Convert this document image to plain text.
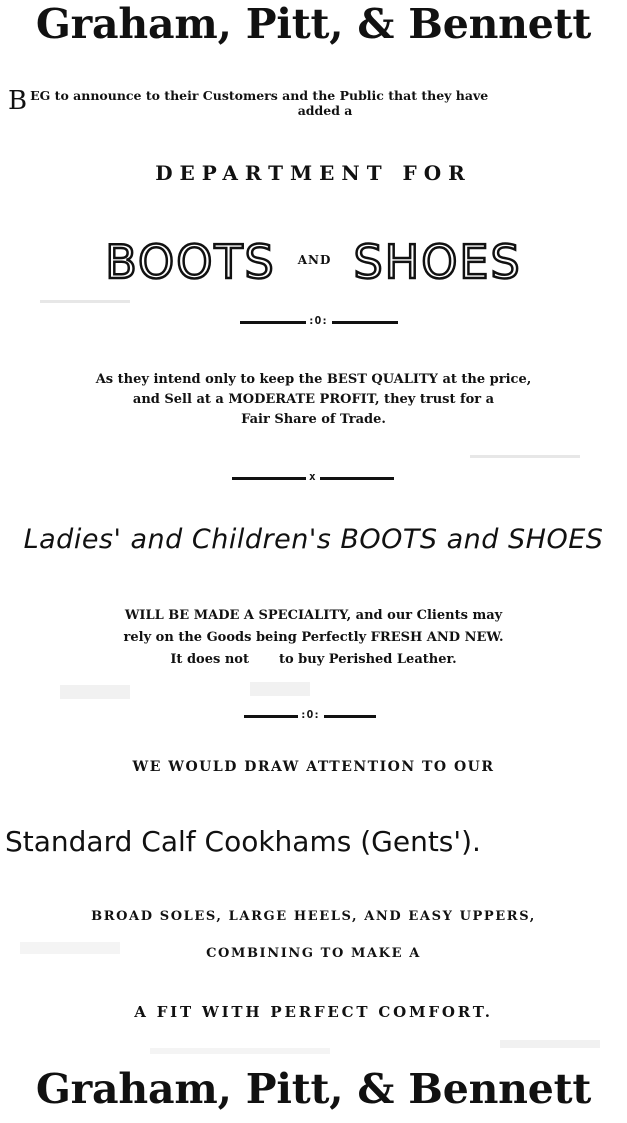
Graham, Pitt, & Bennett
B EG to announce to their Customers and the Public that they have
added a
DEPARTMENT FOR
BOOTS $^{AND}$ SHOES
:O:
As they intend only to keep the BEST QUALITY at the price,
and Sell at a MODERATE PROFIT, they trust for a
Fair Share of Trade.
x
Ladies' and Children's BOOTS and SHOES
WILL BE MADE A SPECIALITY, and our Clients may
rely on the Goods being Perfectly FRESH AND NEW.
It does not to buy Perished Leather.
:O:
WE WOULD DRAW ATTENTION TO OUR
Standard Calf Cookhams (Gents').
BROAD SOLES, LARGE HEELS, AND EASY UPPERS,
COMBINING TO MAKE A
A FIT WITH PERFECT COMFORT.
Graham, Pitt, & Bennett
